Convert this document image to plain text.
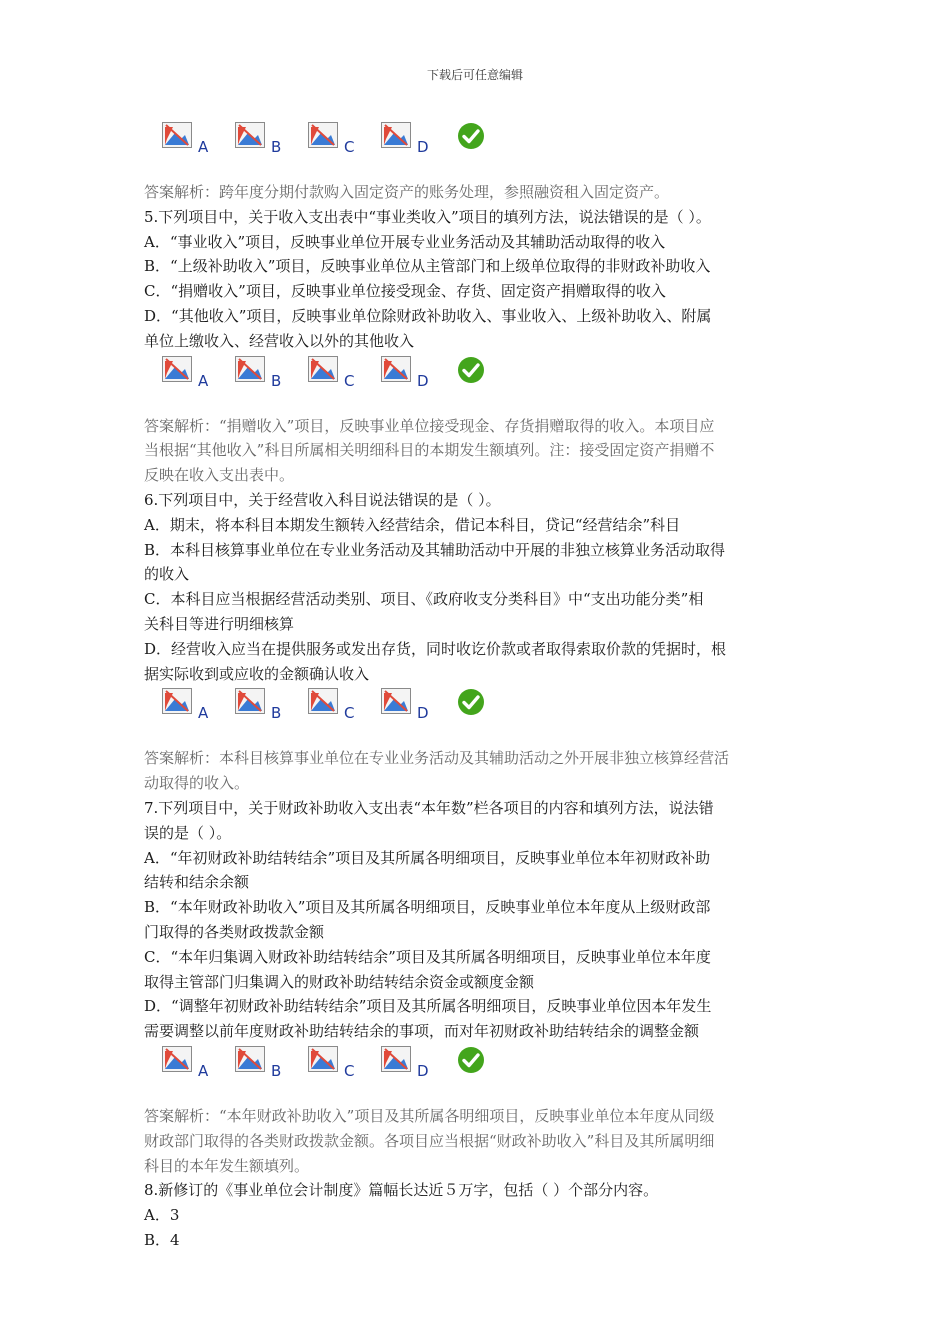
下载后可任意编辑
A	B	C	D
答案解析：跨年度分期付款购入固定资产的账务处理，参照融资租入固定资产。
5.下列项目中，关于收入支出表中“事业类收入”项目的填列方法，说法错误的是（ ）。
A．“事业收入”项目，反映事业单位开展专业业务活动及其辅助活动取得的收入
B．“上级补助收入”项目，反映事业单位从主管部门和上级单位取得的非财政补助收入
C．“捐赠收入”项目，反映事业单位接受现金、存货、固定资产捐赠取得的收入
D．“其他收入”项目，反映事业单位除财政补助收入、事业收入、上级补助收入、附属
单位上缴收入、经营收入以外的其他收入
A	B	C	D
答案解析：“捐赠收入”项目，反映事业单位接受现金、存货捐赠取得的收入。本项目应
当根据“其他收入”科目所属相关明细科目的本期发生额填列。注：接受固定资产捐赠不
反映在收入支出表中。
6.下列项目中，关于经营收入科目说法错误的是（ ）。
A．期末，将本科目本期发生额转入经营结余，借记本科目，贷记“经营结余”科目
B．本科目核算事业单位在专业业务活动及其辅助活动中开展的非独立核算业务活动取得
的收入
C．本科目应当根据经营活动类别、项目、《政府收支分类科目》中“支出功能分类”相
关科目等进行明细核算
D．经营收入应当在提供服务或发出存货，同时收讫价款或者取得索取价款的凭据时，根
据实际收到或应收的金额确认收入
A	B	C	D
答案解析：本科目核算事业单位在专业业务活动及其辅助活动之外开展非独立核算经营活
动取得的收入。
7.下列项目中，关于财政补助收入支出表“本年数”栏各项目的内容和填列方法，说法错
误的是（ ）。
A．“年初财政补助结转结余”项目及其所属各明细项目，反映事业单位本年初财政补助
结转和结余余额
B．“本年财政补助收入”项目及其所属各明细项目，反映事业单位本年度从上级财政部
门取得的各类财政拨款金额
C．“本年归集调入财政补助结转结余”项目及其所属各明细项目，反映事业单位本年度
取得主管部门归集调入的财政补助结转结余资金或额度金额
D．“调整年初财政补助结转结余”项目及其所属各明细项目，反映事业单位因本年发生
需要调整以前年度财政补助结转结余的事项，而对年初财政补助结转结余的调整金额
A	B	C	D
答案解析：“本年财政补助收入”项目及其所属各明细项目，反映事业单位本年度从同级
财政部门取得的各类财政拨款金额。各项目应当根据“财政补助收入”科目及其所属明细
科目的本年发生额填列。
8.新修订的《事业单位会计制度》篇幅长达近５万字，包括（ ）个部分内容。
A．3
B．4
